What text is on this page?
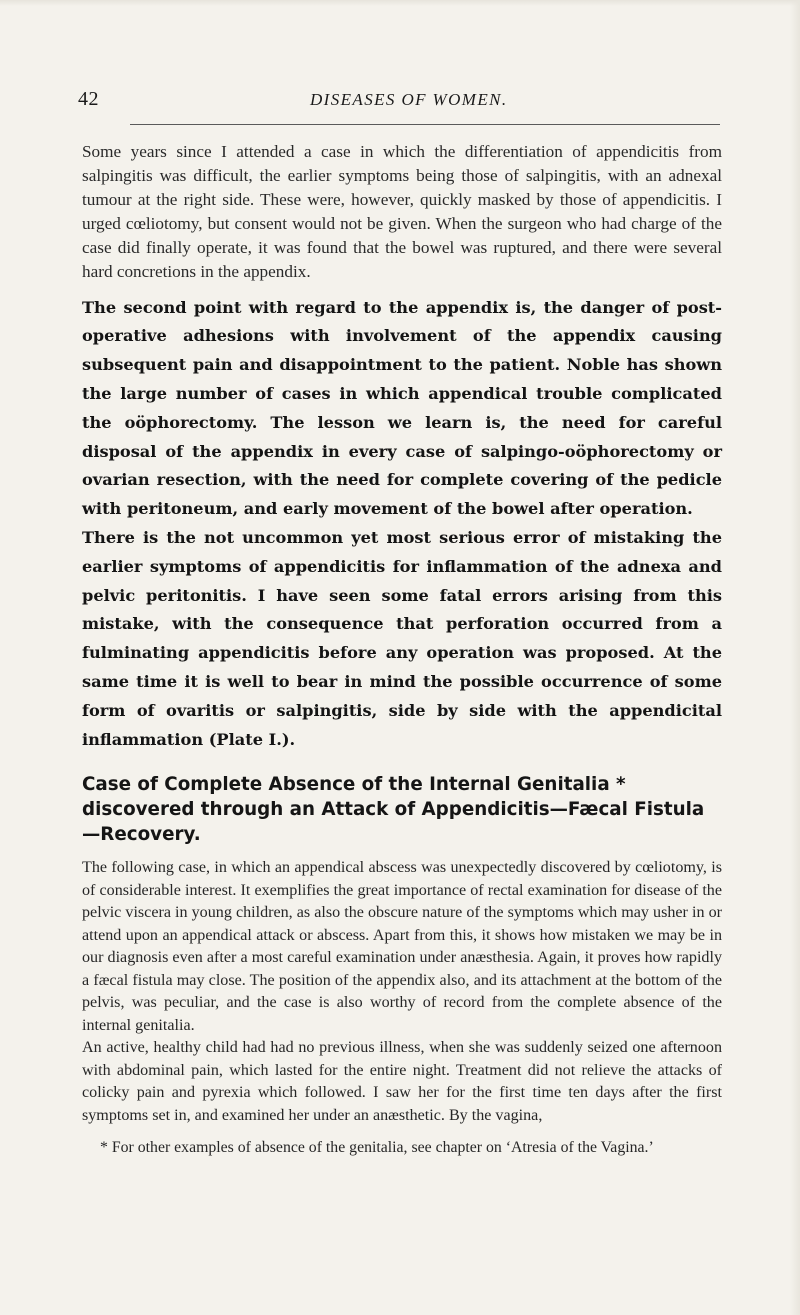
42	DISEASES OF WOMEN.

Some years since I attended a case in which the differentiation of appendicitis from salpingitis was difficult, the earlier symptoms being those of salpingitis, with an adnexal tumour at the right side. These were, however, quickly masked by those of appendicitis. I urged cœliotomy, but consent would not be given. When the surgeon who had charge of the case did finally operate, it was found that the bowel was ruptured, and there were several hard concretions in the appendix.

The second point with regard to the appendix is, the danger of post-operative adhesions with involvement of the appendix causing subsequent pain and disappointment to the patient. Noble has shown the large number of cases in which appendical trouble complicated the oöphorectomy. The lesson we learn is, the need for careful disposal of the appendix in every case of salpingo-oöphorectomy or ovarian resection, with the need for complete covering of the pedicle with peritoneum, and early movement of the bowel after operation.

There is the not uncommon yet most serious error of mistaking the earlier symptoms of appendicitis for inflammation of the adnexa and pelvic peritonitis. I have seen some fatal errors arising from this mistake, with the consequence that perforation occurred from a fulminating appendicitis before any operation was proposed. At the same time it is well to bear in mind the possible occurrence of some form of ovaritis or salpingitis, side by side with the appendicital inflammation (Plate I.).

Case of Complete Absence of the Internal Genitalia * discovered through an Attack of Appendicitis—Fæcal Fistula—Recovery.

The following case, in which an appendical abscess was unexpectedly discovered by cœliotomy, is of considerable interest. It exemplifies the great importance of rectal examination for disease of the pelvic viscera in young children, as also the obscure nature of the symptoms which may usher in or attend upon an appendical attack or abscess. Apart from this, it shows how mistaken we may be in our diagnosis even after a most careful examination under anæsthesia. Again, it proves how rapidly a fæcal fistula may close. The position of the appendix also, and its attachment at the bottom of the pelvis, was peculiar, and the case is also worthy of record from the complete absence of the internal genitalia.

An active, healthy child had had no previous illness, when she was suddenly seized one afternoon with abdominal pain, which lasted for the entire night. Treatment did not relieve the attacks of colicky pain and pyrexia which followed. I saw her for the first time ten days after the first symptoms set in, and examined her under an anæsthetic. By the vagina,

* For other examples of absence of the genitalia, see chapter on ‘Atresia of the Vagina.’
